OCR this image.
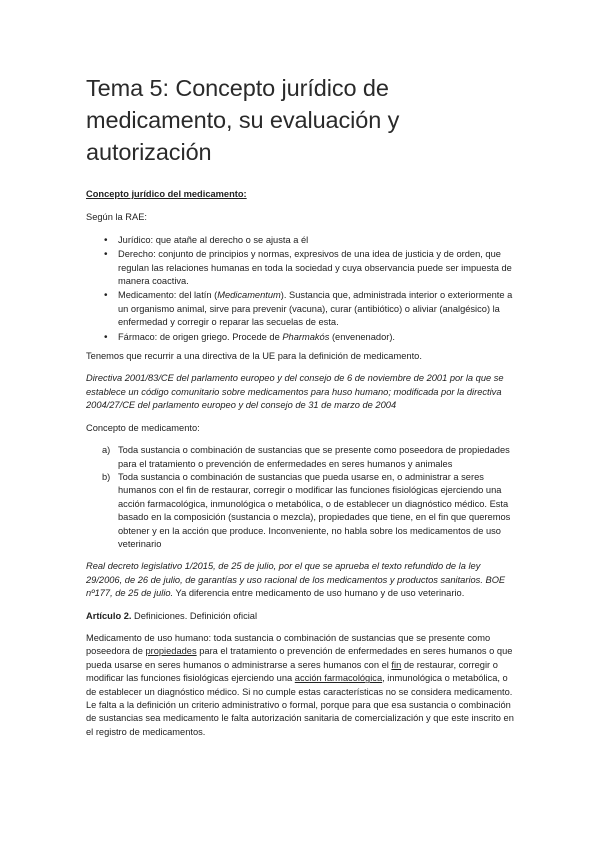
Tema 5: Concepto jurídico de medicamento, su evaluación y autorización

Concepto jurídico del medicamento:

Según la RAE:

• Jurídico: que atañe al derecho o se ajusta a él
• Derecho: conjunto de principios y normas, expresivos de una idea de justicia y de orden, que regulan las relaciones humanas en toda la sociedad y cuya observancia puede ser impuesta de manera coactiva.
• Medicamento: del latín (Medicamentum). Sustancia que, administrada interior o exteriormente a un organismo animal, sirve para prevenir (vacuna), curar (antibiótico) o aliviar (analgésico) la enfermedad y corregir o reparar las secuelas de esta.
• Fármaco: de origen griego. Procede de Pharmakós (envenenador).

Tenemos que recurrir a una directiva de la UE para la definición de medicamento.

Directiva 2001/83/CE del parlamento europeo y del consejo de 6 de noviembre de 2001 por la que se establece un código comunitario sobre medicamentos para huso humano; modificada por la directiva 2004/27/CE del parlamento europeo y del consejo de 31 de marzo de 2004

Concepto de medicamento:

a) Toda sustancia o combinación de sustancias que se presente como poseedora de propiedades para el tratamiento o prevención de enfermedades en seres humanos y animales
b) Toda sustancia o combinación de sustancias que pueda usarse en, o administrar a seres humanos con el fin de restaurar, corregir o modificar las funciones fisiológicas ejerciendo una acción farmacológica, inmunológica o metabólica, o de establecer un diagnóstico médico. Esta basado en la composición (sustancia o mezcla), propiedades que tiene, en el fin que queremos obtener y en la acción que produce. Inconveniente, no habla sobre los medicamentos de uso veterinario

Real decreto legislativo 1/2015, de 25 de julio, por el que se aprueba el texto refundido de la ley 29/2006, de 26 de julio, de garantías y uso racional de los medicamentos y productos sanitarios. BOE nº177, de 25 de julio. Ya diferencia entre medicamento de uso humano y de uso veterinario.

Artículo 2. Definiciones. Definición oficial

Medicamento de uso humano: toda sustancia o combinación de sustancias que se presente como poseedora de propiedades para el tratamiento o prevención de enfermedades en seres humanos o que pueda usarse en seres humanos o administrarse a seres humanos con el fin de restaurar, corregir o modificar las funciones fisiológicas ejerciendo una acción farmacológica, inmunológica o metabólica, o de establecer un diagnóstico médico. Si no cumple estas características no se considera medicamento. Le falta a la definición un criterio administrativo o formal, porque para que esa sustancia o combinación de sustancias sea medicamento le falta autorización sanitaria de comercialización y que este inscrito en el registro de medicamentos.
